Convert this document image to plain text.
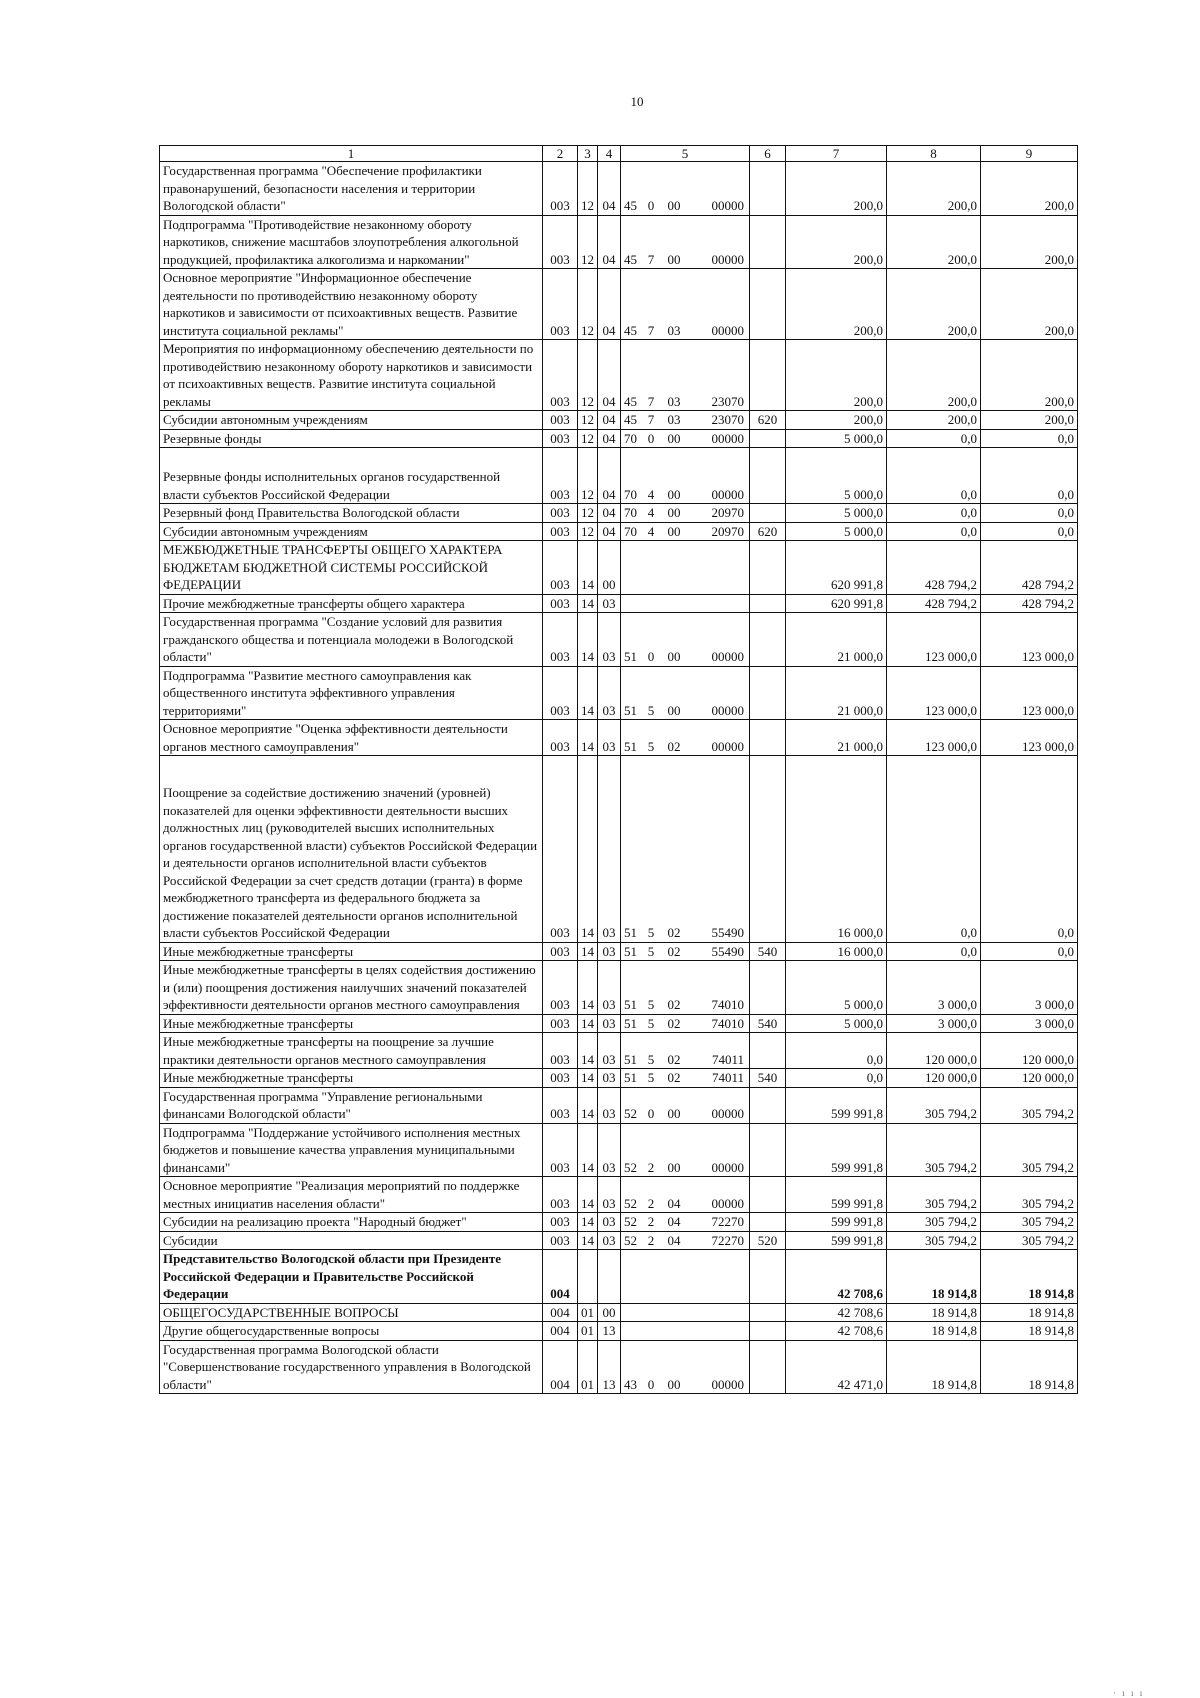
10
1	2	3	4	5	6	7	8	9
Государственная программа "Обеспечение профилактики правонарушений, безопасности населения и территории Вологодской области"	003	12	04	45 0 00 00000		200,0	200,0	200,0
Подпрограмма "Противодействие незаконному обороту наркотиков, снижение масштабов злоупотребления алкогольной продукцией, профилактика алкоголизма и наркомании"	003	12	04	45 7 00 00000		200,0	200,0	200,0
Основное мероприятие "Информационное обеспечение деятельности по противодействию незаконному обороту наркотиков и зависимости от психоактивных веществ. Развитие института социальной рекламы"	003	12	04	45 7 03 00000		200,0	200,0	200,0
Мероприятия по информационному обеспечению деятельности по противодействию незаконному обороту наркотиков и зависимости от психоактивных веществ. Развитие института социальной рекламы	003	12	04	45 7 03 23070		200,0	200,0	200,0
Субсидии автономным учреждениям	003	12	04	45 7 03 23070	620	200,0	200,0	200,0
Резервные фонды	003	12	04	70 0 00 00000		5 000,0	0,0	0,0
Резервные фонды исполнительных органов государственной власти субъектов Российской Федерации	003	12	04	70 4 00 00000		5 000,0	0,0	0,0
Резервный фонд Правительства Вологодской области	003	12	04	70 4 00 20970		5 000,0	0,0	0,0
Субсидии автономным учреждениям	003	12	04	70 4 00 20970	620	5 000,0	0,0	0,0
МЕЖБЮДЖЕТНЫЕ ТРАНСФЕРТЫ ОБЩЕГО ХАРАКТЕРА БЮДЖЕТАМ БЮДЖЕТНОЙ СИСТЕМЫ РОССИЙСКОЙ ФЕДЕРАЦИИ	003	14	00			620 991,8	428 794,2	428 794,2
Прочие межбюджетные трансферты общего характера	003	14	03			620 991,8	428 794,2	428 794,2
Государственная программа "Создание условий для развития гражданского общества и потенциала молодежи в Вологодской области"	003	14	03	51 0 00 00000		21 000,0	123 000,0	123 000,0
Подпрограмма "Развитие местного самоуправления как общественного института эффективного управления территориями"	003	14	03	51 5 00 00000		21 000,0	123 000,0	123 000,0
Основное мероприятие "Оценка эффективности деятельности органов местного самоуправления"	003	14	03	51 5 02 00000		21 000,0	123 000,0	123 000,0
Поощрение за содействие достижению значений (уровней) показателей для оценки эффективности деятельности высших должностных лиц (руководителей высших исполнительных органов государственной власти) субъектов Российской Федерации и деятельности органов исполнительной власти субъектов Российской Федерации за счет средств дотации (гранта) в форме межбюджетного трансферта из федерального бюджета за достижение показателей деятельности органов исполнительной власти субъектов Российской Федерации	003	14	03	51 5 02 55490		16 000,0	0,0	0,0
Иные межбюджетные трансферты	003	14	03	51 5 02 55490	540	16 000,0	0,0	0,0
Иные межбюджетные трансферты в целях содействия достижению и (или) поощрения достижения наилучших значений показателей эффективности деятельности органов местного самоуправления	003	14	03	51 5 02 74010		5 000,0	3 000,0	3 000,0
Иные межбюджетные трансферты	003	14	03	51 5 02 74010	540	5 000,0	3 000,0	3 000,0
Иные межбюджетные трансферты на поощрение за лучшие практики деятельности органов местного самоуправления	003	14	03	51 5 02 74011		0,0	120 000,0	120 000,0
Иные межбюджетные трансферты	003	14	03	51 5 02 74011	540	0,0	120 000,0	120 000,0
Государственная программа "Управление региональными финансами Вологодской области"	003	14	03	52 0 00 00000		599 991,8	305 794,2	305 794,2
Подпрограмма "Поддержание устойчивого исполнения местных бюджетов и повышение качества управления муниципальными финансами"	003	14	03	52 2 00 00000		599 991,8	305 794,2	305 794,2
Основное мероприятие "Реализация мероприятий по поддержке местных инициатив населения области"	003	14	03	52 2 04 00000		599 991,8	305 794,2	305 794,2
Субсидии на реализацию проекта "Народный бюджет"	003	14	03	52 2 04 72270		599 991,8	305 794,2	305 794,2
Субсидии	003	14	03	52 2 04 72270	520	599 991,8	305 794,2	305 794,2
Представительство Вологодской области при Президенте Российской Федерации и Правительстве Российской Федерации	004					42 708,6	18 914,8	18 914,8
ОБЩЕГОСУДАРСТВЕННЫЕ ВОПРОСЫ	004	01	00			42 708,6	18 914,8	18 914,8
Другие общегосударственные вопросы	004	01	13			42 708,6	18 914,8	18 914,8
Государственная программа Вологодской области "Совершенствование государственного управления в Вологодской области"	004	01	13	43 0 00 00000		42 471,0	18 914,8	18 914,8
· ı ı ı
